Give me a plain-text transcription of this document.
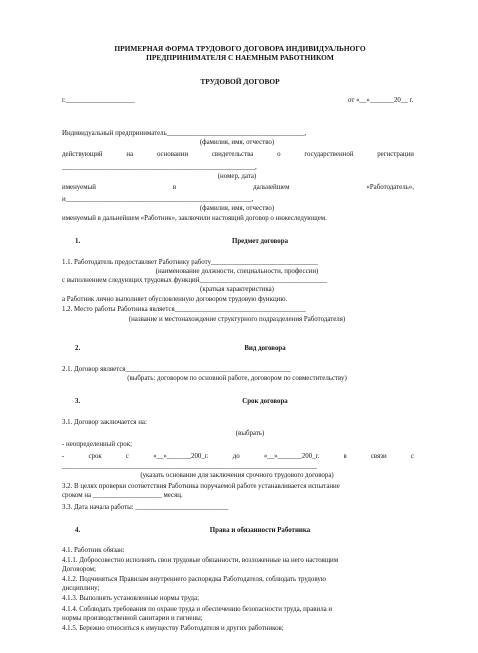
ПРИМЕРНАЯ ФОРМА ТРУДОВОГО ДОГОВОРА ИНДИВИДУАЛЬНОГО
ПРЕДПРИНИМАТЕЛЯ С НАЕМНЫМ РАБОТНИКОМ
ТРУДОВОЙ ДОГОВОР
г.____________________	от «__»_______20__ г.
Индивидуальный предприниматель________________________________________,
(фамилия, имя, отчество)
действующий	на	основании	свидетельства	о	государственной	регистрации
________________________________________________________,
(номер, дата)
именуемый	в	дальнейшем	«Работодатель»,
и______________________________________________________,
(фамилия, имя, отчество)
именуемый в дальнейшем «Работник», заключили настоящий договор о нижеследующем.
1.	Предмет договора
1.1. Работодатель предоставляет Работнику работу_______________________________
(наименование должности, специальности, профессии)
с выполнением следующих трудовых функций_____________________________________
(краткая характеристика)
а Работник лично выполняет обусловленную договором трудовую функцию.
1.2. Место работы Работника является______________________________________
(название и местонахождение структурного подразделения Работодателя)
2.	Вид договора
2.1. Договор является________________________________________________
(выбрать: договором по основной работе, договором по совместительству)
3.	Срок договора
3.1. Договор заключается на:
(выбрать)
- неопределенный срок;
-	срок	с	«__»_______200_г.	до	«__»_______200_г.	в	связи	с
__________________________________________________________________________
(указать основание для заключения срочного трудового договора)
3.2. В целях проверки соответствия Работника поручаемой работе устанавливается испытание
сроком на ____________________ месяц.
3.3. Дата начала работы: ___________________________
4.	Права и обязанности Работника
4.1. Работник обязан:
4.1.1. Добросовестно исполнять свои трудовые обязанности, возложенные на него настоящим
Договором;
4.1.2. Подчиняться Правилам внутреннего распорядка Работодателя, соблюдать трудовую
дисциплину;
4.1.3. Выполнять установленные нормы труда;
4.1.4. Соблюдать требования по охране труда и обеспечению безопасности труда, правила и
нормы производственной санитарии и гигиены;
4.1.5. Бережно относиться к имуществу Работодателя и других работников;
